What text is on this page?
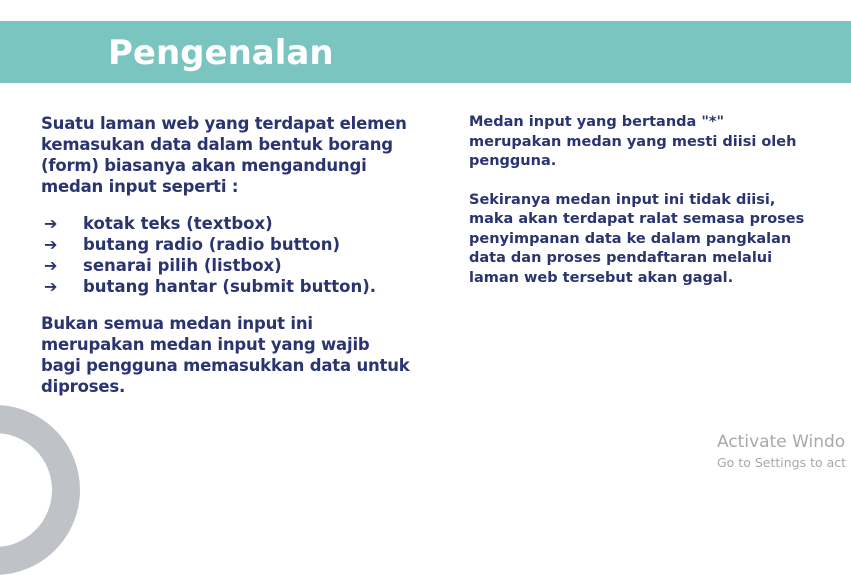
Pengenalan

Suatu laman web yang terdapat elemen kemasukan data dalam bentuk borang (form) biasanya akan mengandungi medan input seperti :

➔	kotak teks (textbox)
➔	butang radio (radio button)
➔	senarai pilih (listbox)
➔	butang hantar (submit button).

Bukan semua medan input ini merupakan medan input yang wajib bagi pengguna memasukkan data untuk diproses.

Medan input yang bertanda "*" merupakan medan yang mesti diisi oleh pengguna.

Sekiranya medan input ini tidak diisi, maka akan terdapat ralat semasa proses penyimpanan data ke dalam pangkalan data dan proses pendaftaran melalui laman web tersebut akan gagal.

Activate Windo
Go to Settings to act
